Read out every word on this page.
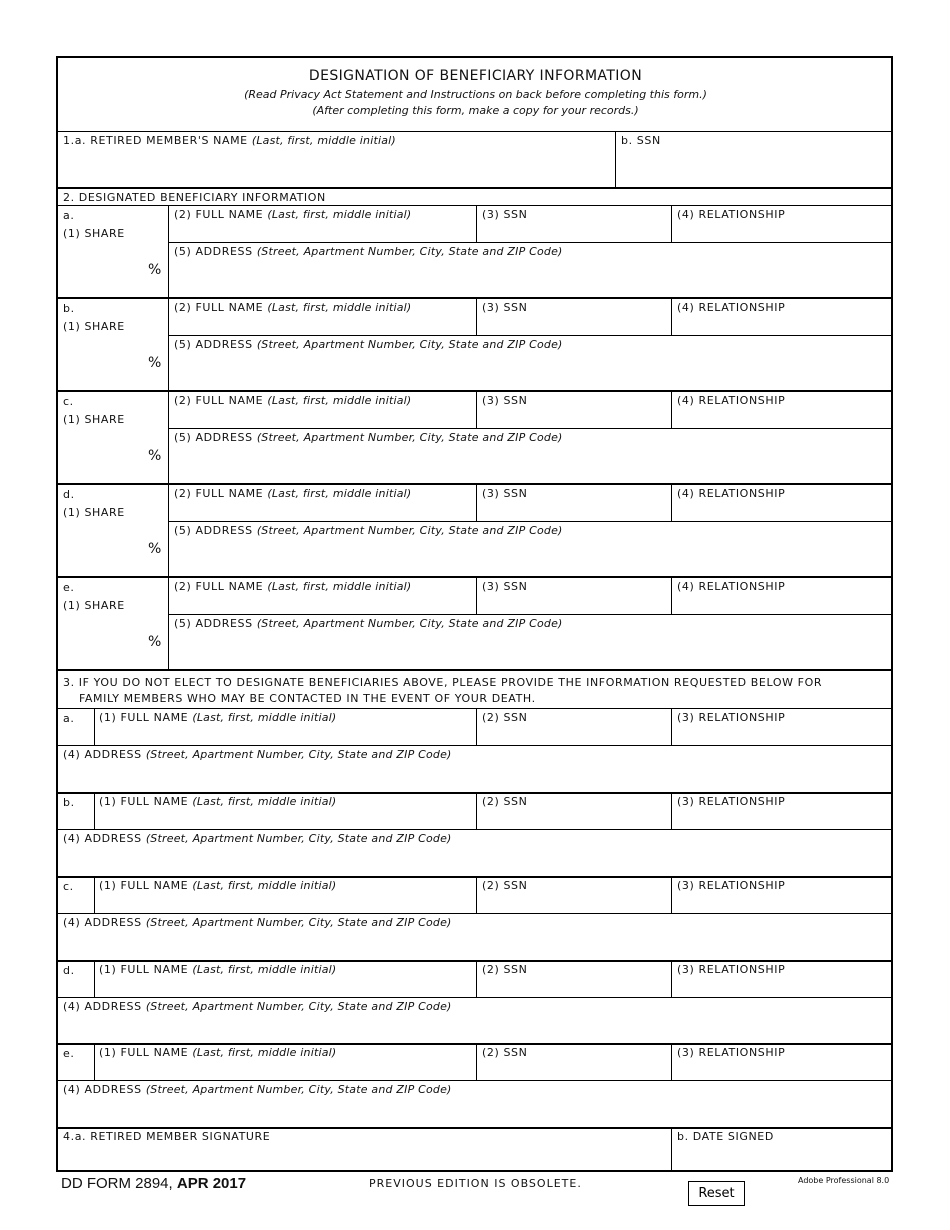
DESIGNATION OF BENEFICIARY INFORMATION
(Read Privacy Act Statement and Instructions on back before completing this form.)
(After completing this form, make a copy for your records.)
1.a. RETIRED MEMBER'S NAME (Last, first, middle initial)	b. SSN
2. DESIGNATED BENEFICIARY INFORMATION
a.
(1) SHARE
%
(2) FULL NAME (Last, first, middle initial)	(3) SSN	(4) RELATIONSHIP
(5) ADDRESS (Street, Apartment Number, City, State and ZIP Code)
b.
(1) SHARE
%
(2) FULL NAME (Last, first, middle initial)	(3) SSN	(4) RELATIONSHIP
(5) ADDRESS (Street, Apartment Number, City, State and ZIP Code)
c.
(1) SHARE
%
(2) FULL NAME (Last, first, middle initial)	(3) SSN	(4) RELATIONSHIP
(5) ADDRESS (Street, Apartment Number, City, State and ZIP Code)
d.
(1) SHARE
%
(2) FULL NAME (Last, first, middle initial)	(3) SSN	(4) RELATIONSHIP
(5) ADDRESS (Street, Apartment Number, City, State and ZIP Code)
e.
(1) SHARE
%
(2) FULL NAME (Last, first, middle initial)	(3) SSN	(4) RELATIONSHIP
(5) ADDRESS (Street, Apartment Number, City, State and ZIP Code)
3. IF YOU DO NOT ELECT TO DESIGNATE BENEFICIARIES ABOVE, PLEASE PROVIDE THE INFORMATION REQUESTED BELOW FOR
FAMILY MEMBERS WHO MAY BE CONTACTED IN THE EVENT OF YOUR DEATH.
a. (1) FULL NAME (Last, first, middle initial)	(2) SSN	(3) RELATIONSHIP
(4) ADDRESS (Street, Apartment Number, City, State and ZIP Code)
b. (1) FULL NAME (Last, first, middle initial)	(2) SSN	(3) RELATIONSHIP
(4) ADDRESS (Street, Apartment Number, City, State and ZIP Code)
c. (1) FULL NAME (Last, first, middle initial)	(2) SSN	(3) RELATIONSHIP
(4) ADDRESS (Street, Apartment Number, City, State and ZIP Code)
d. (1) FULL NAME (Last, first, middle initial)	(2) SSN	(3) RELATIONSHIP
(4) ADDRESS (Street, Apartment Number, City, State and ZIP Code)
e. (1) FULL NAME (Last, first, middle initial)	(2) SSN	(3) RELATIONSHIP
(4) ADDRESS (Street, Apartment Number, City, State and ZIP Code)
4.a. RETIRED MEMBER SIGNATURE	b. DATE SIGNED
DD FORM 2894, APR 2017	PREVIOUS EDITION IS OBSOLETE.	Adobe Professional 8.0
Reset
